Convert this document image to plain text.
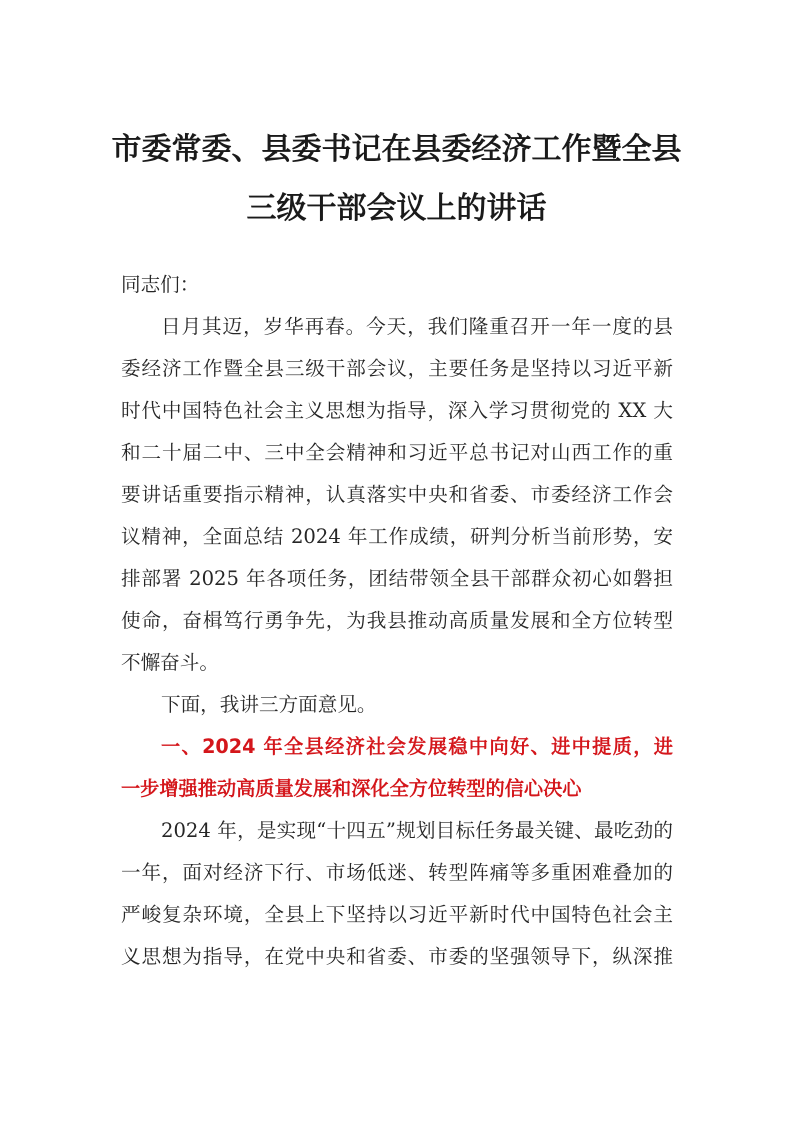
市委常委、县委书记在县委经济工作暨全县
三级干部会议上的讲话
同志们：
日月其迈，岁华再春。今天，我们隆重召开一年一度的县
委经济工作暨全县三级干部会议，主要任务是坚持以习近平新
时代中国特色社会主义思想为指导，深入学习贯彻党的 XX 大
和二十届二中、三中全会精神和习近平总书记对山西工作的重
要讲话重要指示精神，认真落实中央和省委、市委经济工作会
议精神，全面总结 2024 年工作成绩，研判分析当前形势，安
排部署 2025 年各项任务，团结带领全县干部群众初心如磐担
使命，奋楫笃行勇争先，为我县推动高质量发展和全方位转型
不懈奋斗。
下面，我讲三方面意见。
一、2024 年全县经济社会发展稳中向好、进中提质，进
一步增强推动高质量发展和深化全方位转型的信心决心
2024 年，是实现“十四五”规划目标任务最关键、最吃劲的
一年，面对经济下行、市场低迷、转型阵痛等多重困难叠加的
严峻复杂环境，全县上下坚持以习近平新时代中国特色社会主
义思想为指导，在党中央和省委、市委的坚强领导下，纵深推
